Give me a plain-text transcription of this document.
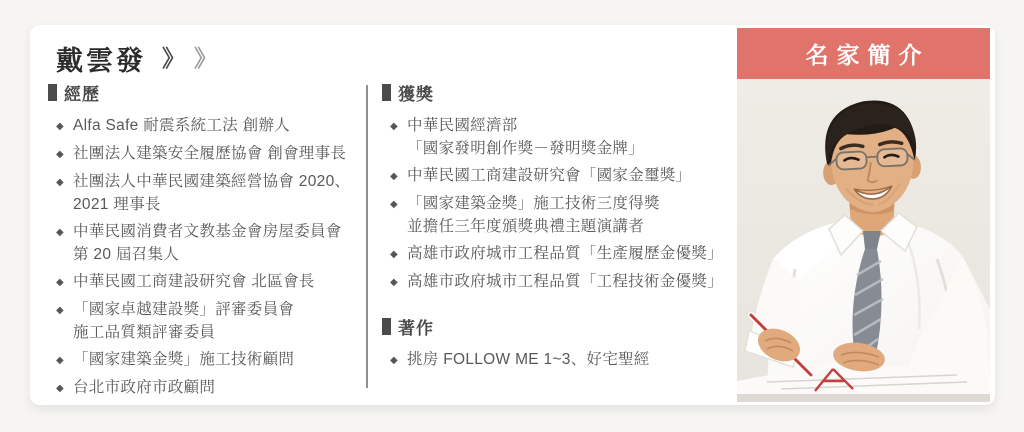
戴雲發 》 》
經歷
◆ Alfa Safe 耐震系統工法 創辦人
◆ 社團法人建築安全履歷協會 創會理事長
◆ 社團法人中華民國建築經營協會 2020、
2021 理事長
◆ 中華民國消費者文教基金會房屋委員會
第 20 屆召集人
◆ 中華民國工商建設研究會 北區會長
◆ 「國家卓越建設獎」評審委員會
施工品質類評審委員
◆ 「國家建築金獎」施工技術顧問
◆ 台北市政府市政顧問
獲獎
◆ 中華民國經濟部
「國家發明創作獎－發明獎金牌」
◆ 中華民國工商建設研究會「國家金璽獎」
◆ 「國家建築金獎」施工技術三度得獎
並擔任三年度頒獎典禮主題演講者
◆ 高雄市政府城市工程品質「生產履歷金優獎」
◆ 高雄市政府城市工程品質「工程技術金優獎」
著作
◆ 挑房 FOLLOW ME 1~3、好宅聖經
名家簡介
